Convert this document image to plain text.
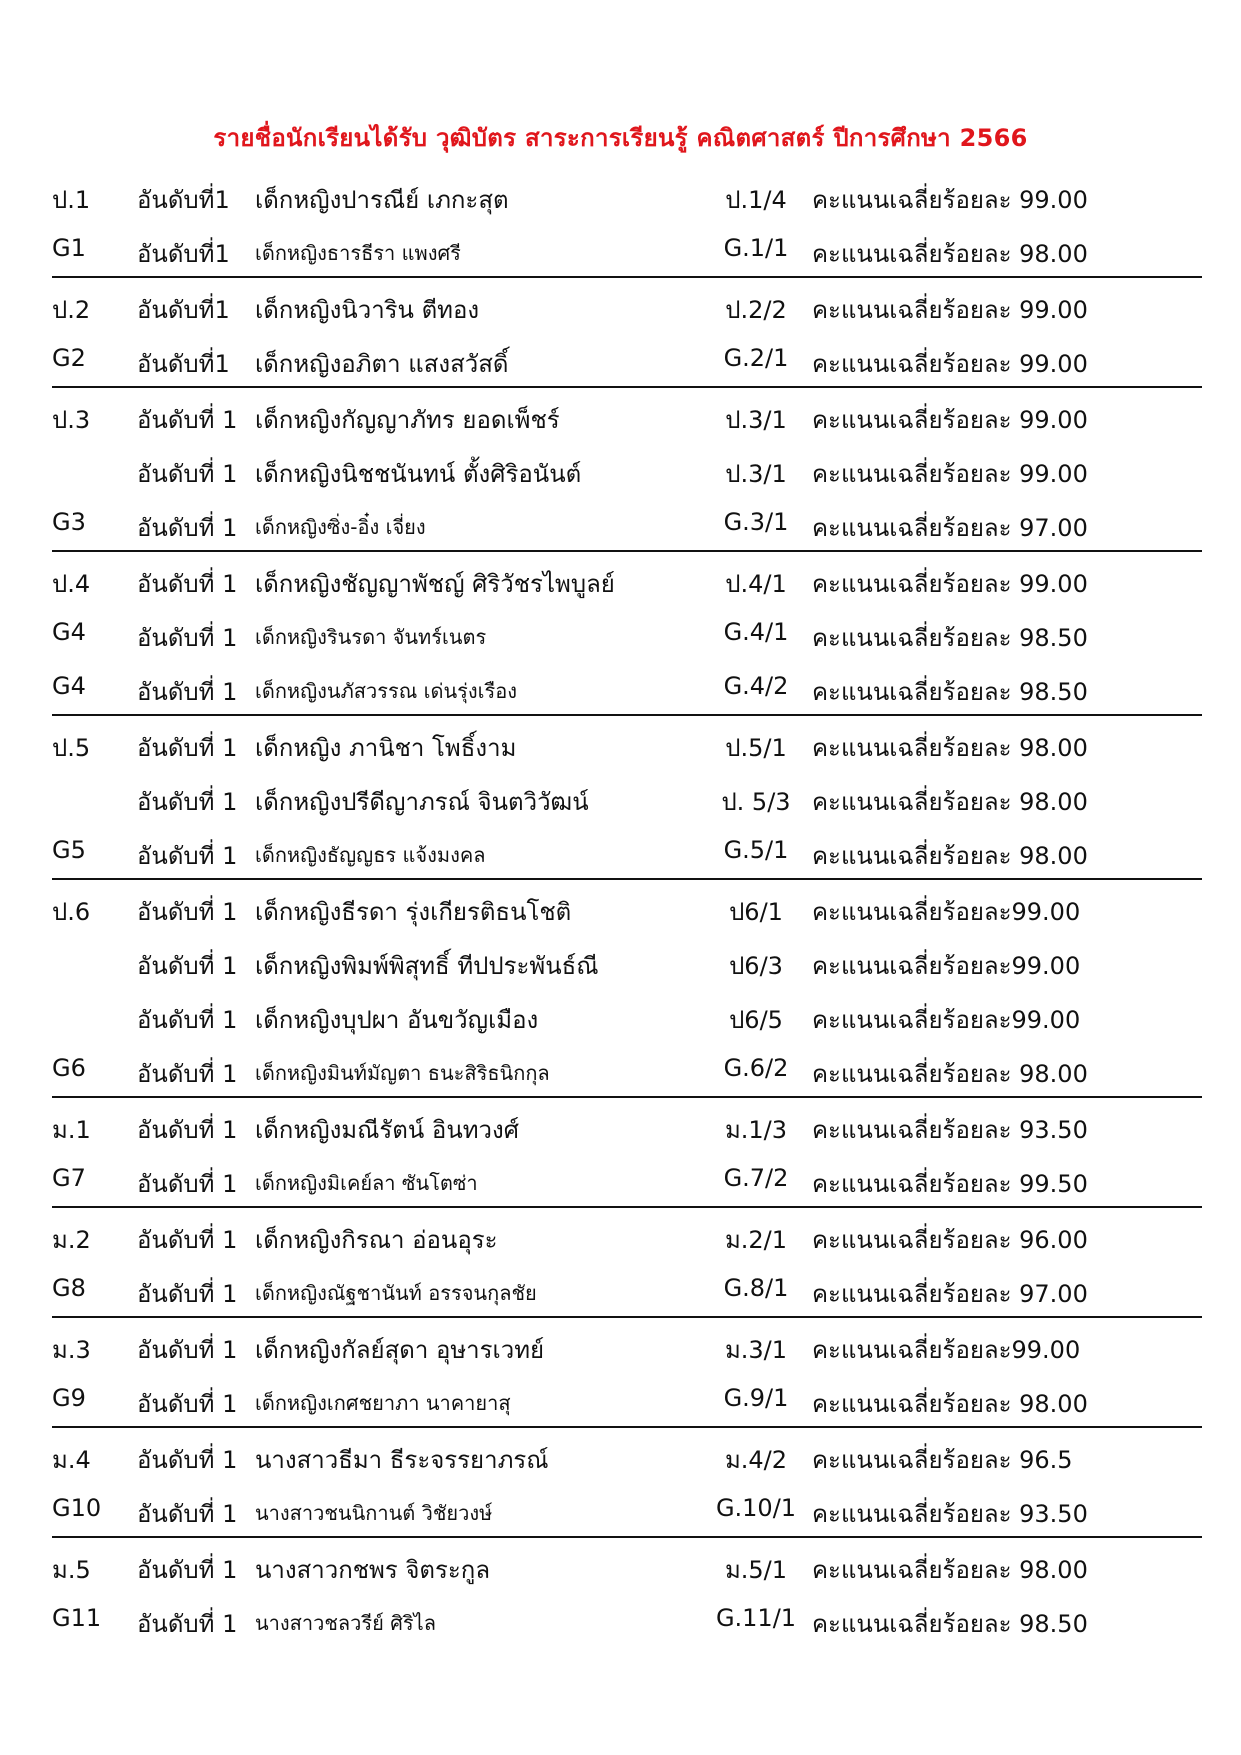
รายชื่อนักเรียนได้รับ วุฒิบัตร สาระการเรียนรู้ คณิตศาสตร์ ปีการศึกษา 2566
ป.1 อันดับที่1 เด็กหญิงปารณีย์ เภกะสุต	ป.1/4	คะแนนเฉลี่ยร้อยละ 99.00
G1 อันดับที่1 เด็กหญิงธารธีรา แพงศรี	G.1/1 คะแนนเฉลี่ยร้อยละ 98.00
ป.2 อันดับที่1 เด็กหญิงนิวาริน ตีทอง	ป.2/2	คะแนนเฉลี่ยร้อยละ 99.00
G2 อันดับที่1 เด็กหญิงอภิตา แสงสวัสดิ์	G.2/1 คะแนนเฉลี่ยร้อยละ 99.00
ป.3 อันดับที่ 1 เด็กหญิงกัญญาภัทร ยอดเพ็ชร์	ป.3/1	คะแนนเฉลี่ยร้อยละ 99.00
อันดับที่ 1 เด็กหญิงนิชชนันทน์ ตั้งศิริอนันต์	ป.3/1	คะแนนเฉลี่ยร้อยละ 99.00
G3 อันดับที่ 1 เด็กหญิงซิ่ง-อิ๋ง เจี่ยง	G.3/1 คะแนนเฉลี่ยร้อยละ 97.00
ป.4 อันดับที่ 1 เด็กหญิงชัญญาพัชญ์ ศิริวัชรไพบูลย์	ป.4/1	คะแนนเฉลี่ยร้อยละ 99.00
G4 อันดับที่ 1 เด็กหญิงรินรดา จันทร์เนตร	G.4/1 คะแนนเฉลี่ยร้อยละ 98.50
G4 อันดับที่ 1 เด็กหญิงนภัสวรรณ เด่นรุ่งเรือง	G.4/2 คะแนนเฉลี่ยร้อยละ 98.50
ป.5 อันดับที่ 1 เด็กหญิง ภานิชา โพธิ์งาม	ป.5/1	คะแนนเฉลี่ยร้อยละ 98.00
อันดับที่ 1 เด็กหญิงปรีดีญาภรณ์ จินตวิวัฒน์	ป. 5/3 คะแนนเฉลี่ยร้อยละ 98.00
G5 อันดับที่ 1 เด็กหญิงธัญญธร แจ้งมงคล	G.5/1 คะแนนเฉลี่ยร้อยละ 98.00
ป.6 อันดับที่ 1 เด็กหญิงธีรดา รุ่งเกียรติธนโชติ	ป6/1	คะแนนเฉลี่ยร้อยละ99.00
อันดับที่ 1 เด็กหญิงพิมพ์พิสุทธิ์ ทีปประพันธ์ณี	ป6/3	คะแนนเฉลี่ยร้อยละ99.00
อันดับที่ 1 เด็กหญิงบุปผา อันขวัญเมือง	ป6/5	คะแนนเฉลี่ยร้อยละ99.00
G6 อันดับที่ 1 เด็กหญิงมินท์มัญตา ธนะสิริธนิกกุล	G.6/2 คะแนนเฉลี่ยร้อยละ 98.00
ม.1 อันดับที่ 1 เด็กหญิงมณีรัตน์ อินทวงศ์	ม.1/3	คะแนนเฉลี่ยร้อยละ 93.50
G7 อันดับที่ 1 เด็กหญิงมิเคย์ลา ซันโตซ่า	G.7/2 คะแนนเฉลี่ยร้อยละ 99.50
ม.2 อันดับที่ 1 เด็กหญิงกิรณา อ่อนอุระ	ม.2/1	คะแนนเฉลี่ยร้อยละ 96.00
G8 อันดับที่ 1 เด็กหญิงณัฐชานันท์ อรรจนกุลชัย	G.8/1 คะแนนเฉลี่ยร้อยละ 97.00
ม.3 อันดับที่ 1 เด็กหญิงกัลย์สุดา อุษารเวทย์	ม.3/1	คะแนนเฉลี่ยร้อยละ99.00
G9 อันดับที่ 1 เด็กหญิงเกศชยาภา นาคายาสุ	G.9/1 คะแนนเฉลี่ยร้อยละ 98.00
ม.4 อันดับที่ 1 นางสาวธีมา ธีระจรรยาภรณ์	ม.4/2	คะแนนเฉลี่ยร้อยละ 96.5
G10 อันดับที่ 1 นางสาวชนนิกานต์ วิชัยวงษ์	G.10/1 คะแนนเฉลี่ยร้อยละ 93.50
ม.5 อันดับที่ 1 นางสาวกชพร จิตระกูล	ม.5/1	คะแนนเฉลี่ยร้อยละ 98.00
G11 อันดับที่ 1 นางสาวชลวรีย์ ศิริไล	G.11/1 คะแนนเฉลี่ยร้อยละ 98.50
